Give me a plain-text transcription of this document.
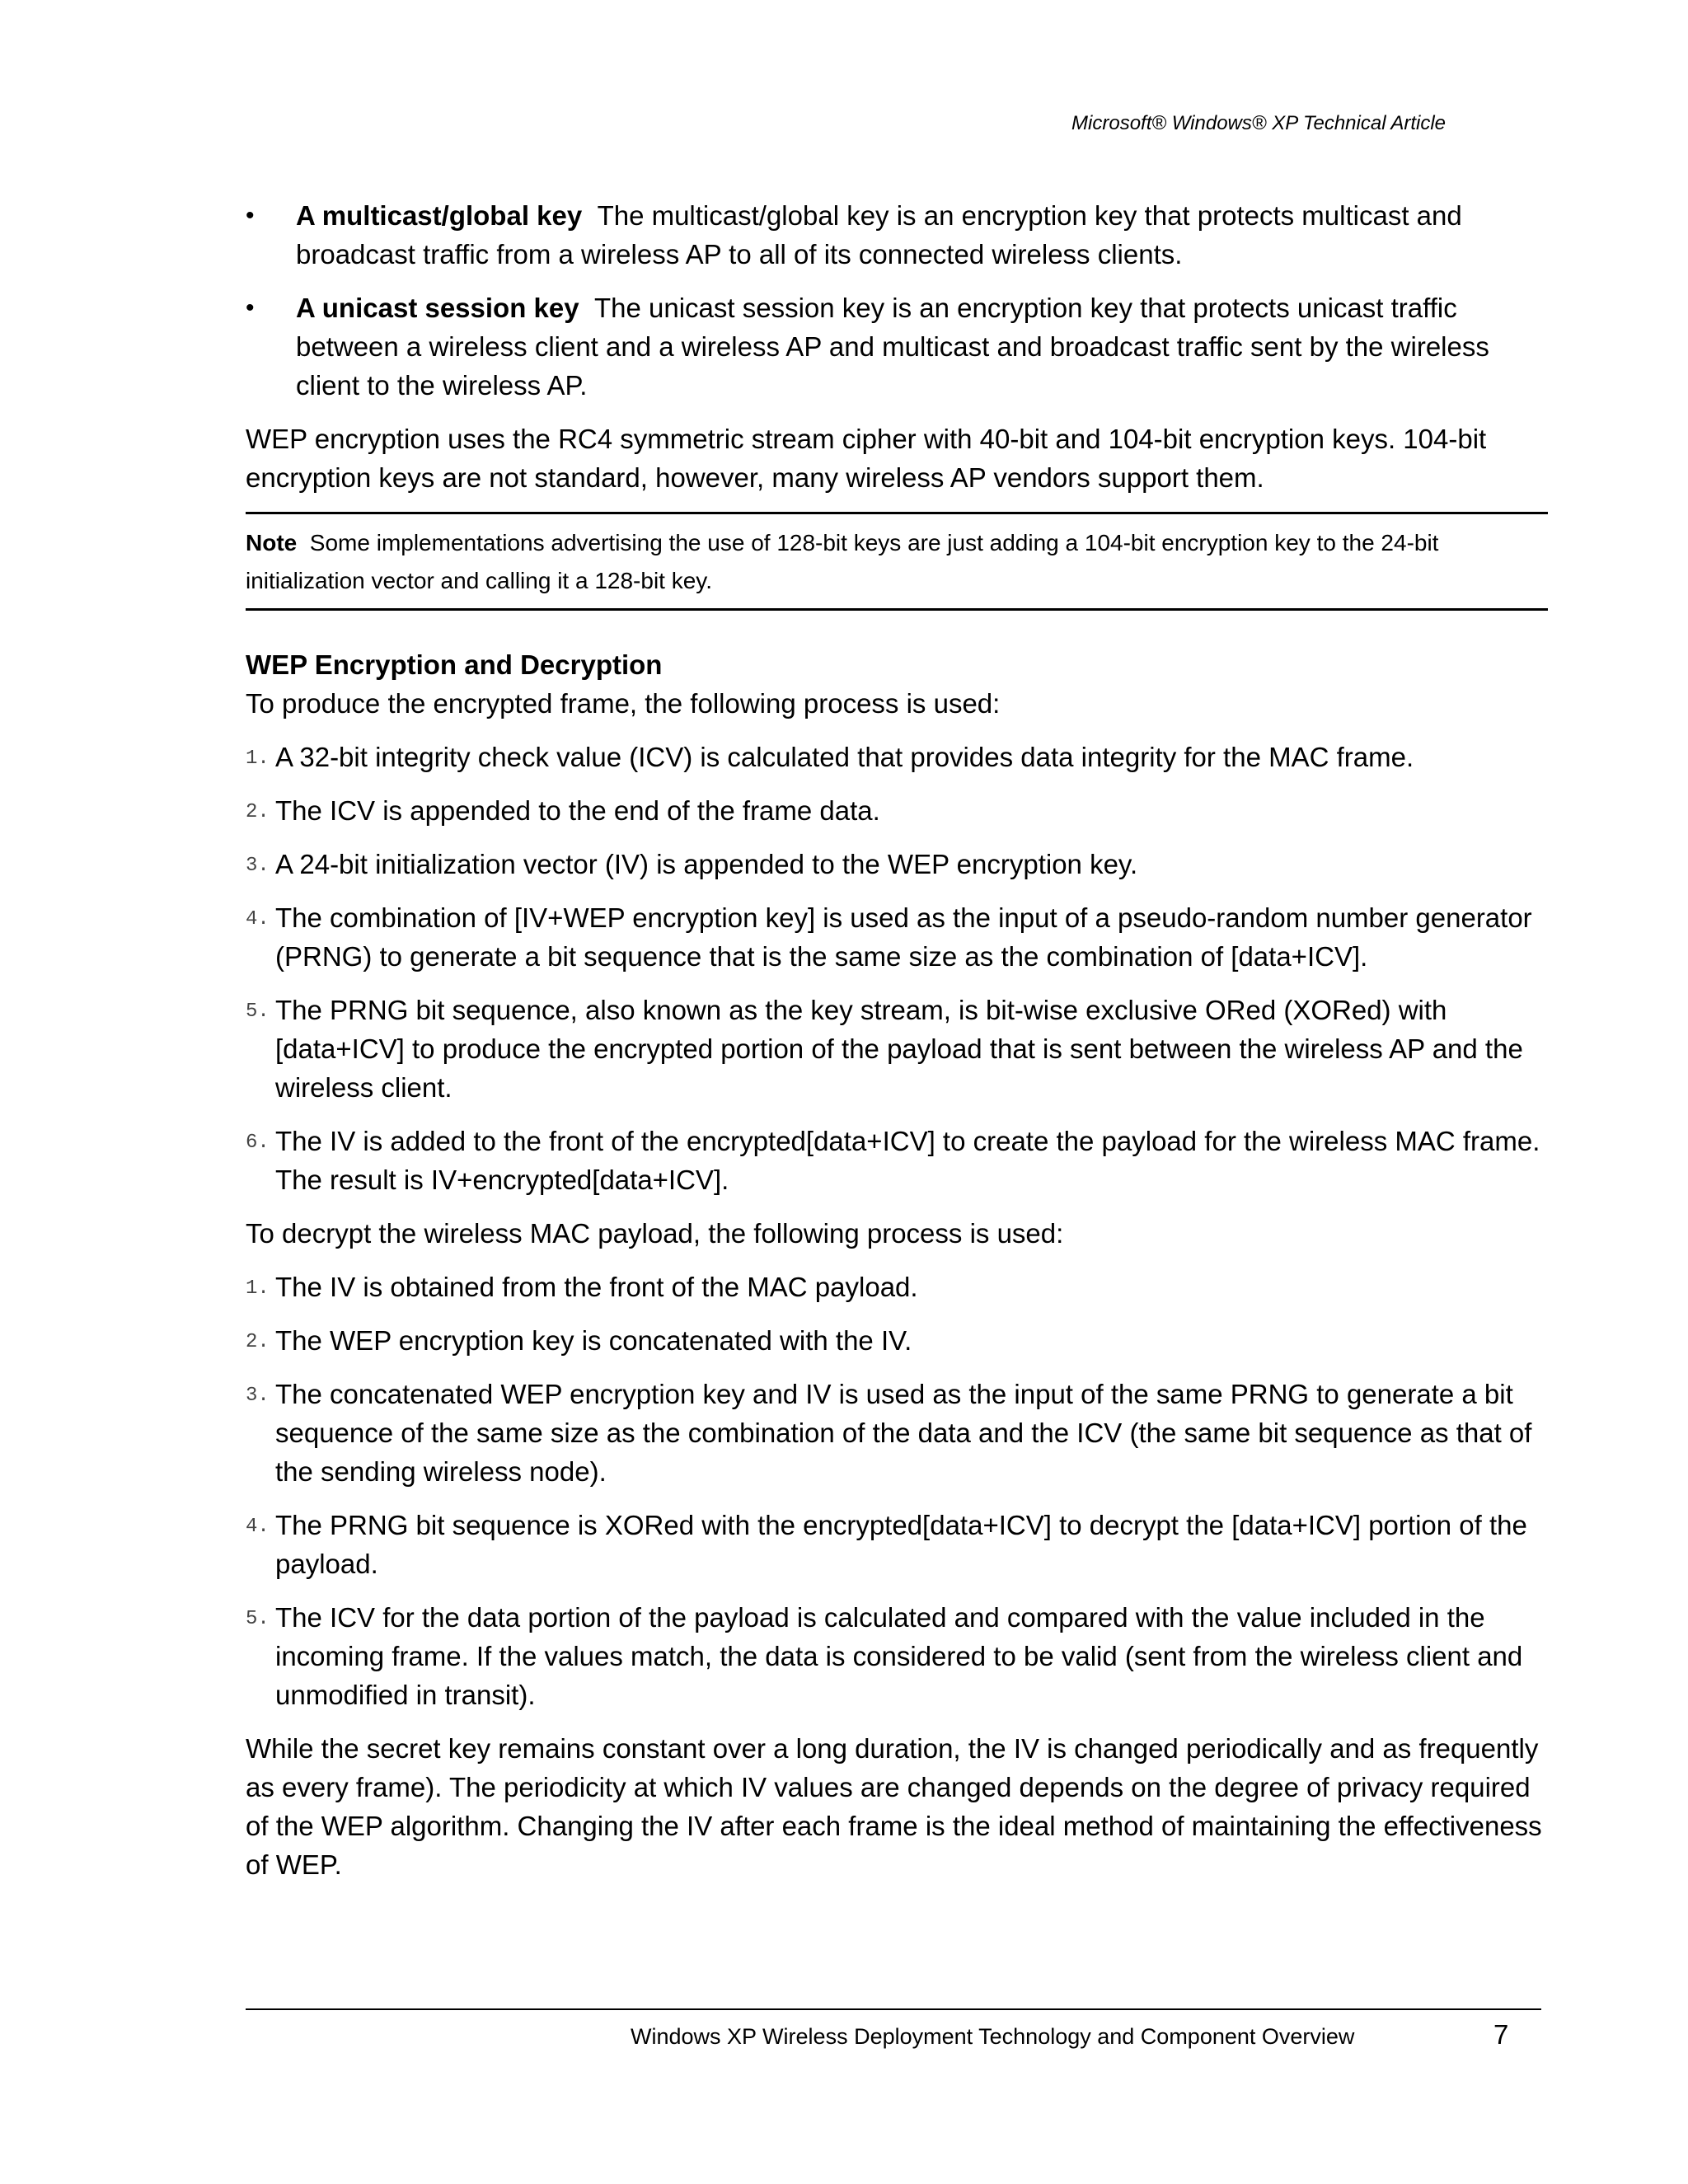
Microsoft® Windows® XP Technical Article
• A multicast/global key The multicast/global key is an encryption key that protects multicast and broadcast traffic from a wireless AP to all of its connected wireless clients.
• A unicast session key The unicast session key is an encryption key that protects unicast traffic between a wireless client and a wireless AP and multicast and broadcast traffic sent by the wireless client to the wireless AP.

WEP encryption uses the RC4 symmetric stream cipher with 40-bit and 104-bit encryption keys. 104-bit encryption keys are not standard, however, many wireless AP vendors support them.

Note Some implementations advertising the use of 128-bit keys are just adding a 104-bit encryption key to the 24-bit initialization vector and calling it a 128-bit key.

WEP Encryption and Decryption

To produce the encrypted frame, the following process is used:

1. A 32-bit integrity check value (ICV) is calculated that provides data integrity for the MAC frame.
2. The ICV is appended to the end of the frame data.
3. A 24-bit initialization vector (IV) is appended to the WEP encryption key.
4. The combination of [IV+WEP encryption key] is used as the input of a pseudo-random number generator (PRNG) to generate a bit sequence that is the same size as the combination of [data+ICV].
5. The PRNG bit sequence, also known as the key stream, is bit-wise exclusive ORed (XORed) with [data+ICV] to produce the encrypted portion of the payload that is sent between the wireless AP and the wireless client.
6. The IV is added to the front of the encrypted[data+ICV] to create the payload for the wireless MAC frame. The result is IV+encrypted[data+ICV].

To decrypt the wireless MAC payload, the following process is used:

1. The IV is obtained from the front of the MAC payload.
2. The WEP encryption key is concatenated with the IV.
3. The concatenated WEP encryption key and IV is used as the input of the same PRNG to generate a bit sequence of the same size as the combination of the data and the ICV (the same bit sequence as that of the sending wireless node).
4. The PRNG bit sequence is XORed with the encrypted[data+ICV] to decrypt the [data+ICV] portion of the payload.
5. The ICV for the data portion of the payload is calculated and compared with the value included in the incoming frame. If the values match, the data is considered to be valid (sent from the wireless client and unmodified in transit).

While the secret key remains constant over a long duration, the IV is changed periodically and as frequently as every frame). The periodicity at which IV values are changed depends on the degree of privacy required of the WEP algorithm. Changing the IV after each frame is the ideal method of maintaining the effectiveness of WEP.

Windows XP Wireless Deployment Technology and Component Overview	7
